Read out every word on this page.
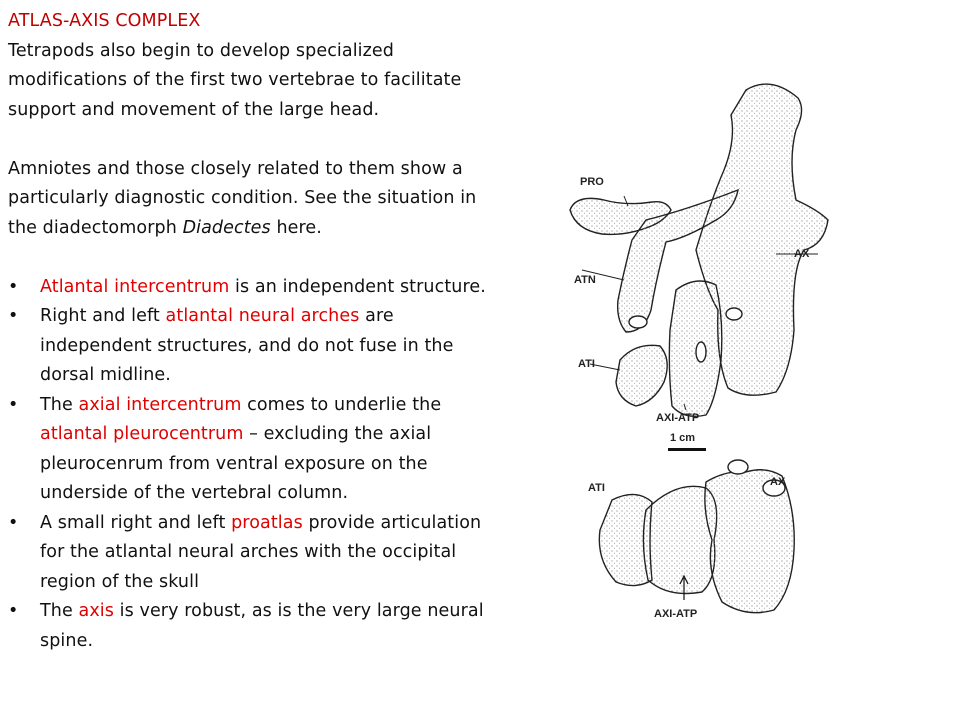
ATLAS-AXIS COMPLEX

Tetrapods also begin to develop specialized modifications of the first two vertebrae to facilitate support and movement of the large head.

Amniotes and those closely related to them show a particularly diagnostic condition. See the situation in the diadectomorph Diadectes here.

•	Atlantal intercentrum is an independent structure.
•	Right and left atlantal neural arches are independent structures, and do not fuse in the dorsal midline.
•	The axial intercentrum comes to underlie the atlantal pleurocentrum – excluding the axial pleurocenrum from ventral exposure on the underside of the vertebral column.
•	A small right and left proatlas provide articulation for the atlantal neural arches with the occipital region of the skull
•	The axis is very robust, as is the very large neural spine.
PRO
ATN
AX
ATI
AXI-ATP
1 cm
ATI	AX
AXI-ATP
